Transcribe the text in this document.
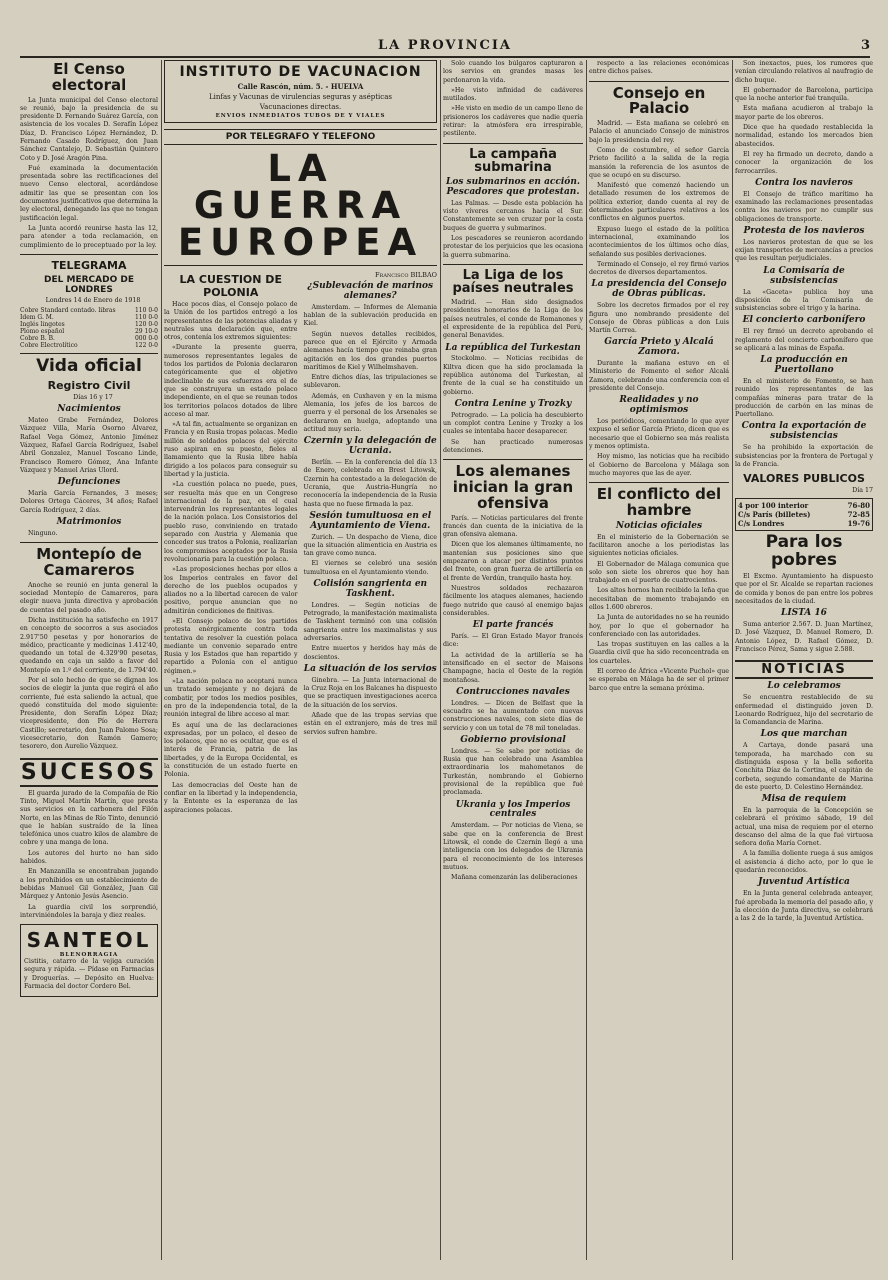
LA PROVINCIA	3
El Censo electoral

La Junta municipal del Censo electoral se reunió, bajo la presidencia de su presidente D. Fernando Suárez García, con asistencia de los vocales D. Serafín López Díaz, D. Francisco López Hernández, D. Fernando Casado Rodríguez, don Juan Sánchez Cantalejo, D. Sebastián Quintero Coto y D. José Aragón Pina.

Fué examinada la documentación presentada sobre las rectificaciones del nuevo Censo electoral, acordándose admitir las que se presentan con los documentos justificativos que determina la ley electoral, denegando las que no tengan justificación legal.

La Junta acordó reunirse hasta las 12, para atender a toda reclamación, en cumplimiento de lo preceptuado por la ley.

TELEGRAMA
DEL MERCADO DE LONDRES

Londres 14 de Enero de 1918

Cobre Standard contado. libras	110 0-0
Idem G. M.	110 0-0
Inglés lingotes	120 0-0
Plomo español	29 10-0
Cobre B. B.	000 0-0
Cobre Electrolítico	122 0-0
Vida oficial
Registro Civil

Días 16 y 17

Nacimientos

Mateo Grabe Fernández, Dolores Vázquez Villa, María Osorno Álvarez, Rafael Vega Gómez, Antonio Jiménez Vázquez, Rafael García Rodríguez, Isabel Abril Gonzalez, Manuel Toscano Linde, Francisco Romero Gómez, Ana Infante Vázquez y Manuel Arias Ulord.

Defunciones

María García Fernandes, 3 meses; Dolores Ortega Cáceres, 34 años; Rafael García Rodríguez, 2 días.

Matrimonios

Ninguno.

Montepío de Camareros

Anoche se reunió en junta general la sociedad Montepío de Camareros, para elegir nueva junta directiva y aprobación de cuentas del pasado año.

Dicha institución ha satisfecho en 1917 en concepto de socorros a sus asociados 2.917'50 pesetas y por honorarios de médico, practicante y medicinas 1.412'40, quedando un total de 4.329'90 pesetas, quedando en caja un saldo a favor del Montepío en 1.º del corriente, de 1.794'40.

Por el solo hecho de que se dignan los socios de elegir la junta que regirá el año corriente, fué esta saliendo la actual, que quedó constituída del modo siguiente: Presidente, don Serafín López Díaz; vicepresidente, don Pío de Herrera Castillo; secretario, don Juan Palomo Sosa; vicesecretario, don Ramón Gamero; tesorero, don Aurelio Vázquez.

SUCESOS

El guarda jurado de la Compañía de Río Tinto, Miguel Martín Martín, que presta sus servicios en la carbonera del Filón Norte, en las Minas de Río Tinto, denunció que le habían sustraído de la línea telefónica unos cuatro kilos de alambre de cobre y una manga de lona.

Los autores del hurto no han sido habidos.

En Manzanilla se encontraban jugando a los prohibidos en un establecimiento de bebidas Manuel Gil González, Juan Gil Márquez y Antonio Jesús Asencio.

La guardia civil los sorprendió, interviniéndoles la baraja y diez reales.

SANTEOL
BLENORRAGIA

Cistitis, catarro de la vejiga curación segura y rápida. — Pídase en Farmacias y Droguerías. — Depósito en Huelva: Farmacia del doctor Cordero Bel.

INSTITUTO DE VACUNACION
Calle Rascón, núm. 5. - HUELVA
Linfas y Vacunas de virulencias seguras y asépticas
Vacunaciones directas.
ENVIOS INMEDIATOS TUBOS DE Y VIALES
POR TELEGRAFO Y TELEFONO
LA GUERRA EUROPEA
LA CUESTION DE POLONIA

Hace pocos días, el Consejo polaco de la Unión de los partidos entregó a los representantes de las potencias aliadas y neutrales una declaración que, entre otros, contenía los extremos siguientes:

«Durante la presente guerra, numerosos representantes legales de todos los partidos de Polonia declararon categóricamente que el objetivo indeclinable de sus esfuerzos era el de que se construyera un estado polaco independiente, en el que se reunan todos los territorios polacos dotados de libre acceso al mar.

»A tal fin, actualmente se organizan en Francia y en Rusia tropas polacas. Medio millón de soldados polacos del ejército ruso aspiran en su puesto, fieles al llamamiento que la Rusia libre había dirigido a los polacos para conseguir su libertad y la justicia.

»La cuestión polaca no puede, pues, ser resuelta más que en un Congreso internacional de la paz, en el cual intervendrán los representantes legales de la nación polaca. Los Consistorios del pueblo ruso, conviniendo en tratado separado con Austria y Alemania que conceder sus tratos a Polonia, realizarían los compromisos aceptados por la Rusia revolucionaria para la cuestión polaca.

»Las proposiciones hechas por ellos a los Imperios centrales en favor del derecho de los pueblos ocupados y aliados no a la libertad carecen de valor positivo, porque anuncian que no admitirán condiciones de finitivas.

»El Consejo polaco de los partidos protesta enérgicamente contra toda tentativa de resolver la cuestión polaca mediante un convenio separado entre Rusia y los Estados que han repartido y repartido a Polonia con el antiguo régimen.»

»La nación polaca no aceptará nunca un tratado semejante y no dejará de combatir, por todos los medios posibles, en pro de la independencia total, de la reunión integral de libre acceso al mar.

Es aquí una de las declaraciones expresadas, por un polaco, el deseo de los polacos, que no es ocultar, que es el interés de Francia, patria de las libertades, y de la Europa Occidental, es la constitución de un estado fuerte en Polonia.

Las democracias del Oeste han de confiar en la libertad y la independencia, y la Entente es la esperanza de las aspiraciones polacas.

Francisco BILBAO
¿Sublevación de marinos alemanes?

Amsterdam. — Informes de Alemania hablan de la sublevación producida en Kiel.

Según nuevos detalles recibidos, parece que en el Ejército y Armada alemanes hacía tiempo que reinaba gran agitación en los dos grandes puertos marítimos de Kiel y Wilhelmshaven.

Entre dichos días, las tripulaciones se sublevaron.

Además, en Cuxhaven y en la misma Alemania, los jefes de los barcos de guerra y el personal de los Arsenales se declararon en huelga, adoptando una actitud muy seria.

Czernin y la delegación de Ucrania.

Berlín. — En la conferencia del día 13 de Enero, celebrada en Brest Litowsk, Czernin ha contestado a la delegación de Ucrania, que Austria-Hungría no reconocería la independencia de la Rusia hasta que no fuese firmada la paz.

Sesión tumultuosa en el Ayuntamiento de Viena.

Zurich. — Un despacho de Viena, dice que la situación alimenticia en Austria es tan grave como nunca.

El viernes se celebró una sesión tumultuosa en el Ayuntamiento viendo.

Colisión sangrienta en Taskhent.

Londres. — Según noticias de Petrogrado, la manifestación maximalista de Taskhent terminó con una colisión sangrienta entre los maximalistas y sus adversarios.

Entre muertos y heridos hay más de doscientos.

La situación de los servios

Ginebra. — La Junta internacional de la Cruz Roja en los Balcanes ha dispuesto que se practiquen investigaciones acerca de la situación de los servios.

Añade que de las tropas servias que están en el extranjero, más de tres mil servios sufren hambre.

Solo cuando los búlgaros capturaron a los servios en grandes masas les perdonaron la vida.

»He visto infinidad de cadáveres mutilados.

»He visto en medio de un campo lleno de prisioneros los cadáveres que nadie quería retirar: la atmósfera era irrespirable, pestilente.

La campaña submarina
Los submarinos en acción. Pescadores que protestan.

Las Palmas. — Desde esta población ha visto víveres cercanos hacia el Sur. Constantemente se ven cruzar por la costa buques de guerra y submarinos.

Los pescadores se reunieron acordando protestar de los perjuicios que les ocasiona la guerra submarina.

La Liga de los países neutrales

Madrid. — Han sido designados presidentes honorarios de la Liga de los países neutrales, el conde de Romanones y el expresidente de la república del Perú, general Benavides.

La república del Turkestan

Stockolmo. — Noticias recibidas de Kiltva dicen que ha sido proclamada la república autónoma del Turkestan, al frente de la cual se ha constituido un gobierno.

Contra Lenine y Trozky

Petrogrado. — La policía ha descubierto un complot contra Lenine y Trozky a los cuales se intentaba hacer desaparecer.

Se han practicado numerosas detenciones.

Los alemanes inician la gran ofensiva

París. — Noticias particulares del frente francés dan cuenta de la iniciativa de la gran ofensiva alemana.

Dicen que los alemanes últimamente, no mantenían sus posiciones sino que empezaron a atacar por distintos puntos del frente, con gran fuerza de artillería en el frente de Verdún, tranquilo hasta hoy.

Nuestros soldados rechazaron fácilmente los ataques alemanes, haciendo fuego nutrido que causó al enemigo bajas considerables.

El parte francés

París. — El Gran Estado Mayor francés dice:

La actividad de la artillería se ha intensificado en el sector de Maisons Champagne, hacia el Oeste de la región montañosa.

Contrucciones navales

Londres. — Dicen de Belfast que la escuadra se ha aumentado con nuevas construcciones navales, con siete días de servicio y con un total de 78 mil toneladas.

Gobierno provisional

Londres. — Se sabe por noticias de Rusia que han celebrado una Asamblea extraordinaria los mahometanos de Turkestán, nombrando el Gobierno provisional de la república que fué proclamada.

Ukrania y los Imperios centrales

Amsterdam. — Por noticias de Viena, se sabe que en la conferencia de Brest Litowsk, el conde de Czernin llegó a una inteligencia con los delegados de Ukrania para el reconocimiento de los intereses mutuos.

Mañana comenzarán las deliberaciones

respecto a las relaciones económicas entre dichos países.

Consejo en Palacio

Madrid. — Esta mañana se celebró en Palacio el anunciado Consejo de ministros bajo la presidencia del rey.

Como de costumbre, el señor García Prieto facilitó a la salida de la regia mansión la referencia de los asuntos de que se ocupó en su discurso.

Manifestó que comenzó haciendo un detallado resumen de los extremos de política exterior, dando cuenta al rey de determinados particulares relativos a los conflictos en algunos puertos.

Expuso luego el estado de la política internacional, examinando los acontecimientos de los últimos ocho días, señalando sus posibles derivaciones.

Terminado el Consejo, el rey firmó varios decretos de diversos departamentos.

La presidencia del Consejo de Obras públicas.

Sobre los decretos firmados por el rey figura uno nombrando presidente del Consejo de Obras públicas a don Luis Martín Correa.

García Prieto y Alcalá Zamora.

Durante la mañana estuvo en el Ministerio de Fomento el señor Alcalá Zamora, celebrando una conferencia con el presidente del Consejo.

Realidades y no optimismos

Los periódicos, comentando lo que ayer expuso el señor García Prieto, dicen que es necesario que el Gobierno sea más realista y menos optimista.

Hoy mismo, las noticias que ha recibido el Gobierno de Barcelona y Málaga son mucho mayores que las de ayer.

El conflicto del hambre
Noticias oficiales

En el ministerio de la Gobernación se facilitaron anoche a los periodistas las siguientes noticias oficiales.

El Gobernador de Málaga comunica que solo son siete los obreros que hoy han trabajado en el puerto de cuatrocientos.

Los altos hornos han recibido la leña que necesitaban de momento trabajando en ellos 1.600 obreros.

La Junta de autoridades no se ha reunido hoy, por lo que el gobernador ha conferenciado con las autoridades.

Las tropas sustituyen en las calles a la Guardia civil que ha sido reconcentrada en los cuarteles.

El correo de África «Vicente Puchol» que se esperaba en Málaga ha de ser el primer barco que entre la semana próxima.

Son inexactos, pues, los rumores que venían circulando relativos al naufragio de dicho buque.

El gobernador de Barcelona, participa que la noche anterior fué tranquila.

Esta mañana acudieron al trabajo la mayor parte de los obreros.

Dice que ha quedado restablecida la normalidad, estando los mercados bien abastecidos.

El rey ha firmado un decreto, dando a conocer la organización de los ferrocarriles.

Contra los navieros

El Consejo de tráfico marítimo ha examinado las reclamaciones presentadas contra los navieros por no cumplir sus obligaciones de transporte.

Protesta de los navieros

Los navieros protestan de que se les exijan transportes de mercancías a precios que les resultan perjudiciales.

La Comisaría de subsistencias

La «Gaceta» publica hoy una disposición de la Comisaría de subsistencias sobre el trigo y la harina.

El concierto carbonífero

El rey firmó un decreto aprobando el reglamento del concierto carbonífero que se aplicará a las minas de España.

La producción en Puertollano

En el ministerio de Fomento, se han reunido los representantes de las compañías mineras para tratar de la producción de carbón en las minas de Puertollano.

Contra la exportación de subsistencias

Se ha prohibido la exportación de subsistencias por la frontera de Portugal y la de Francia.

VALORES PUBLICOS

Día 17

4 por 100 interior	76-80
C/s París (billetes)	72-85
C/s Londres	19-76
Para los pobres

El Excmo. Ayuntamiento ha dispuesto que por el Sr. Alcalde se repartan raciones de comida y bonos de pan entre los pobres necesitados de la ciudad.

LISTA 16

Suma anterior 2.567. D. Juan Martínez, D. José Vázquez, D. Manuel Romero, D. Antonio López, D. Rafael Gómez, D. Francisco Pérez, Sama y sigue 2.588.

NOTICIAS
Lo celebramos

Se encuentra restablecido de su enfermedad el distinguido joven D. Leonardo Rodríguez, hijo del secretario de la Comandancia de Marina.

Los que marchan

A Cartaya, donde pasará una temporada, ha marchado con su distinguida esposa y la bella señorita Conchita Díaz de la Cortina, el capitán de corbeta, segundo comandante de Marina de este puerto, D. Celestino Hernández.

Misa de requiem

En la parroquia de la Concepción se celebrará el próximo sábado, 19 del actual, una misa de requiem por el eterno descanso del alma de la que fué virtuosa señora doña María Cornet.

A la familia doliente ruega á sus amigos el asistencia á dicho acto, por lo que le quedarán reconocidos.

Juventud Artística

En la Junta general celebrada anteayer, fué aprobada la memoria del pasado año, y la elección de Junta directiva, se celebrará a las 2 de la tarde, la Juventud Artística.
